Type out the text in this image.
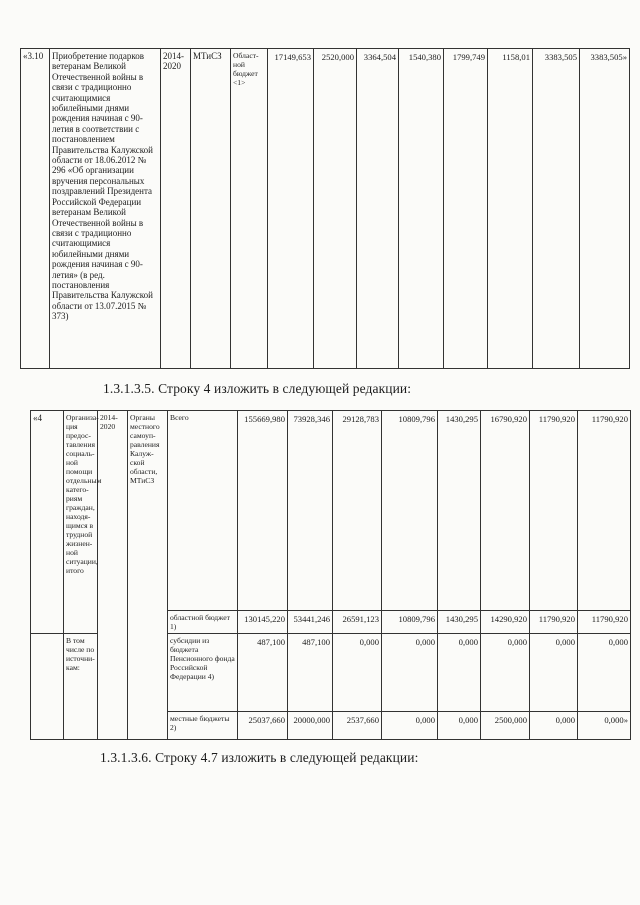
«3.10	Приобретение подарков ветеранам Великой Отечественной войны в связи с традиционно считающимися юбилейными днями рождения начиная с 90-летия в соответствии с постановлением Правительства Калужской области от 18.06.2012 № 296 «Об организации вручения персональных поздравлений Президента Российской Федерации ветеранам Великой Отечественной войны в связи с традиционно считающимися юбилейными днями рождения начиная с 90-летия» (в ред. постановления Правительства Калужской области от 13.07.2015 № 373)	2014-2020	МТиСЗ	Област-ной бюджет <1>	17149,653	2520,000	3364,504	1540,380	1799,749	1158,01	3383,505	3383,505»
1.3.1.3.5. Строку 4 изложить в следующей редакции:
«4	Организа-ция предос-тавления социаль-ной помощи отдельным катего-риям граждан, находя-щимся в трудной жизнен-ной ситуации, итого	2014-2020	Органы местного самоуп-равления Калуж-ской области, МТиСЗ	Всего	155669,980	73928,346	29128,783	10809,796	1430,295	16790,920	11790,920	11790,920
				областной бюджет 1)	130145,220	53441,246	26591,123	10809,796	1430,295	14290,920	11790,920	11790,920
	В том числе по источни-кам:			субсидии из бюджета Пенсионного фонда Российской Федерации 4)	487,100	487,100	0,000	0,000	0,000	0,000	0,000	0,000
				местные бюджеты 2)	25037,660	20000,000	2537,660	0,000	0,000	2500,000	0,000	0,000»
1.3.1.3.6. Строку 4.7 изложить в следующей редакции:
